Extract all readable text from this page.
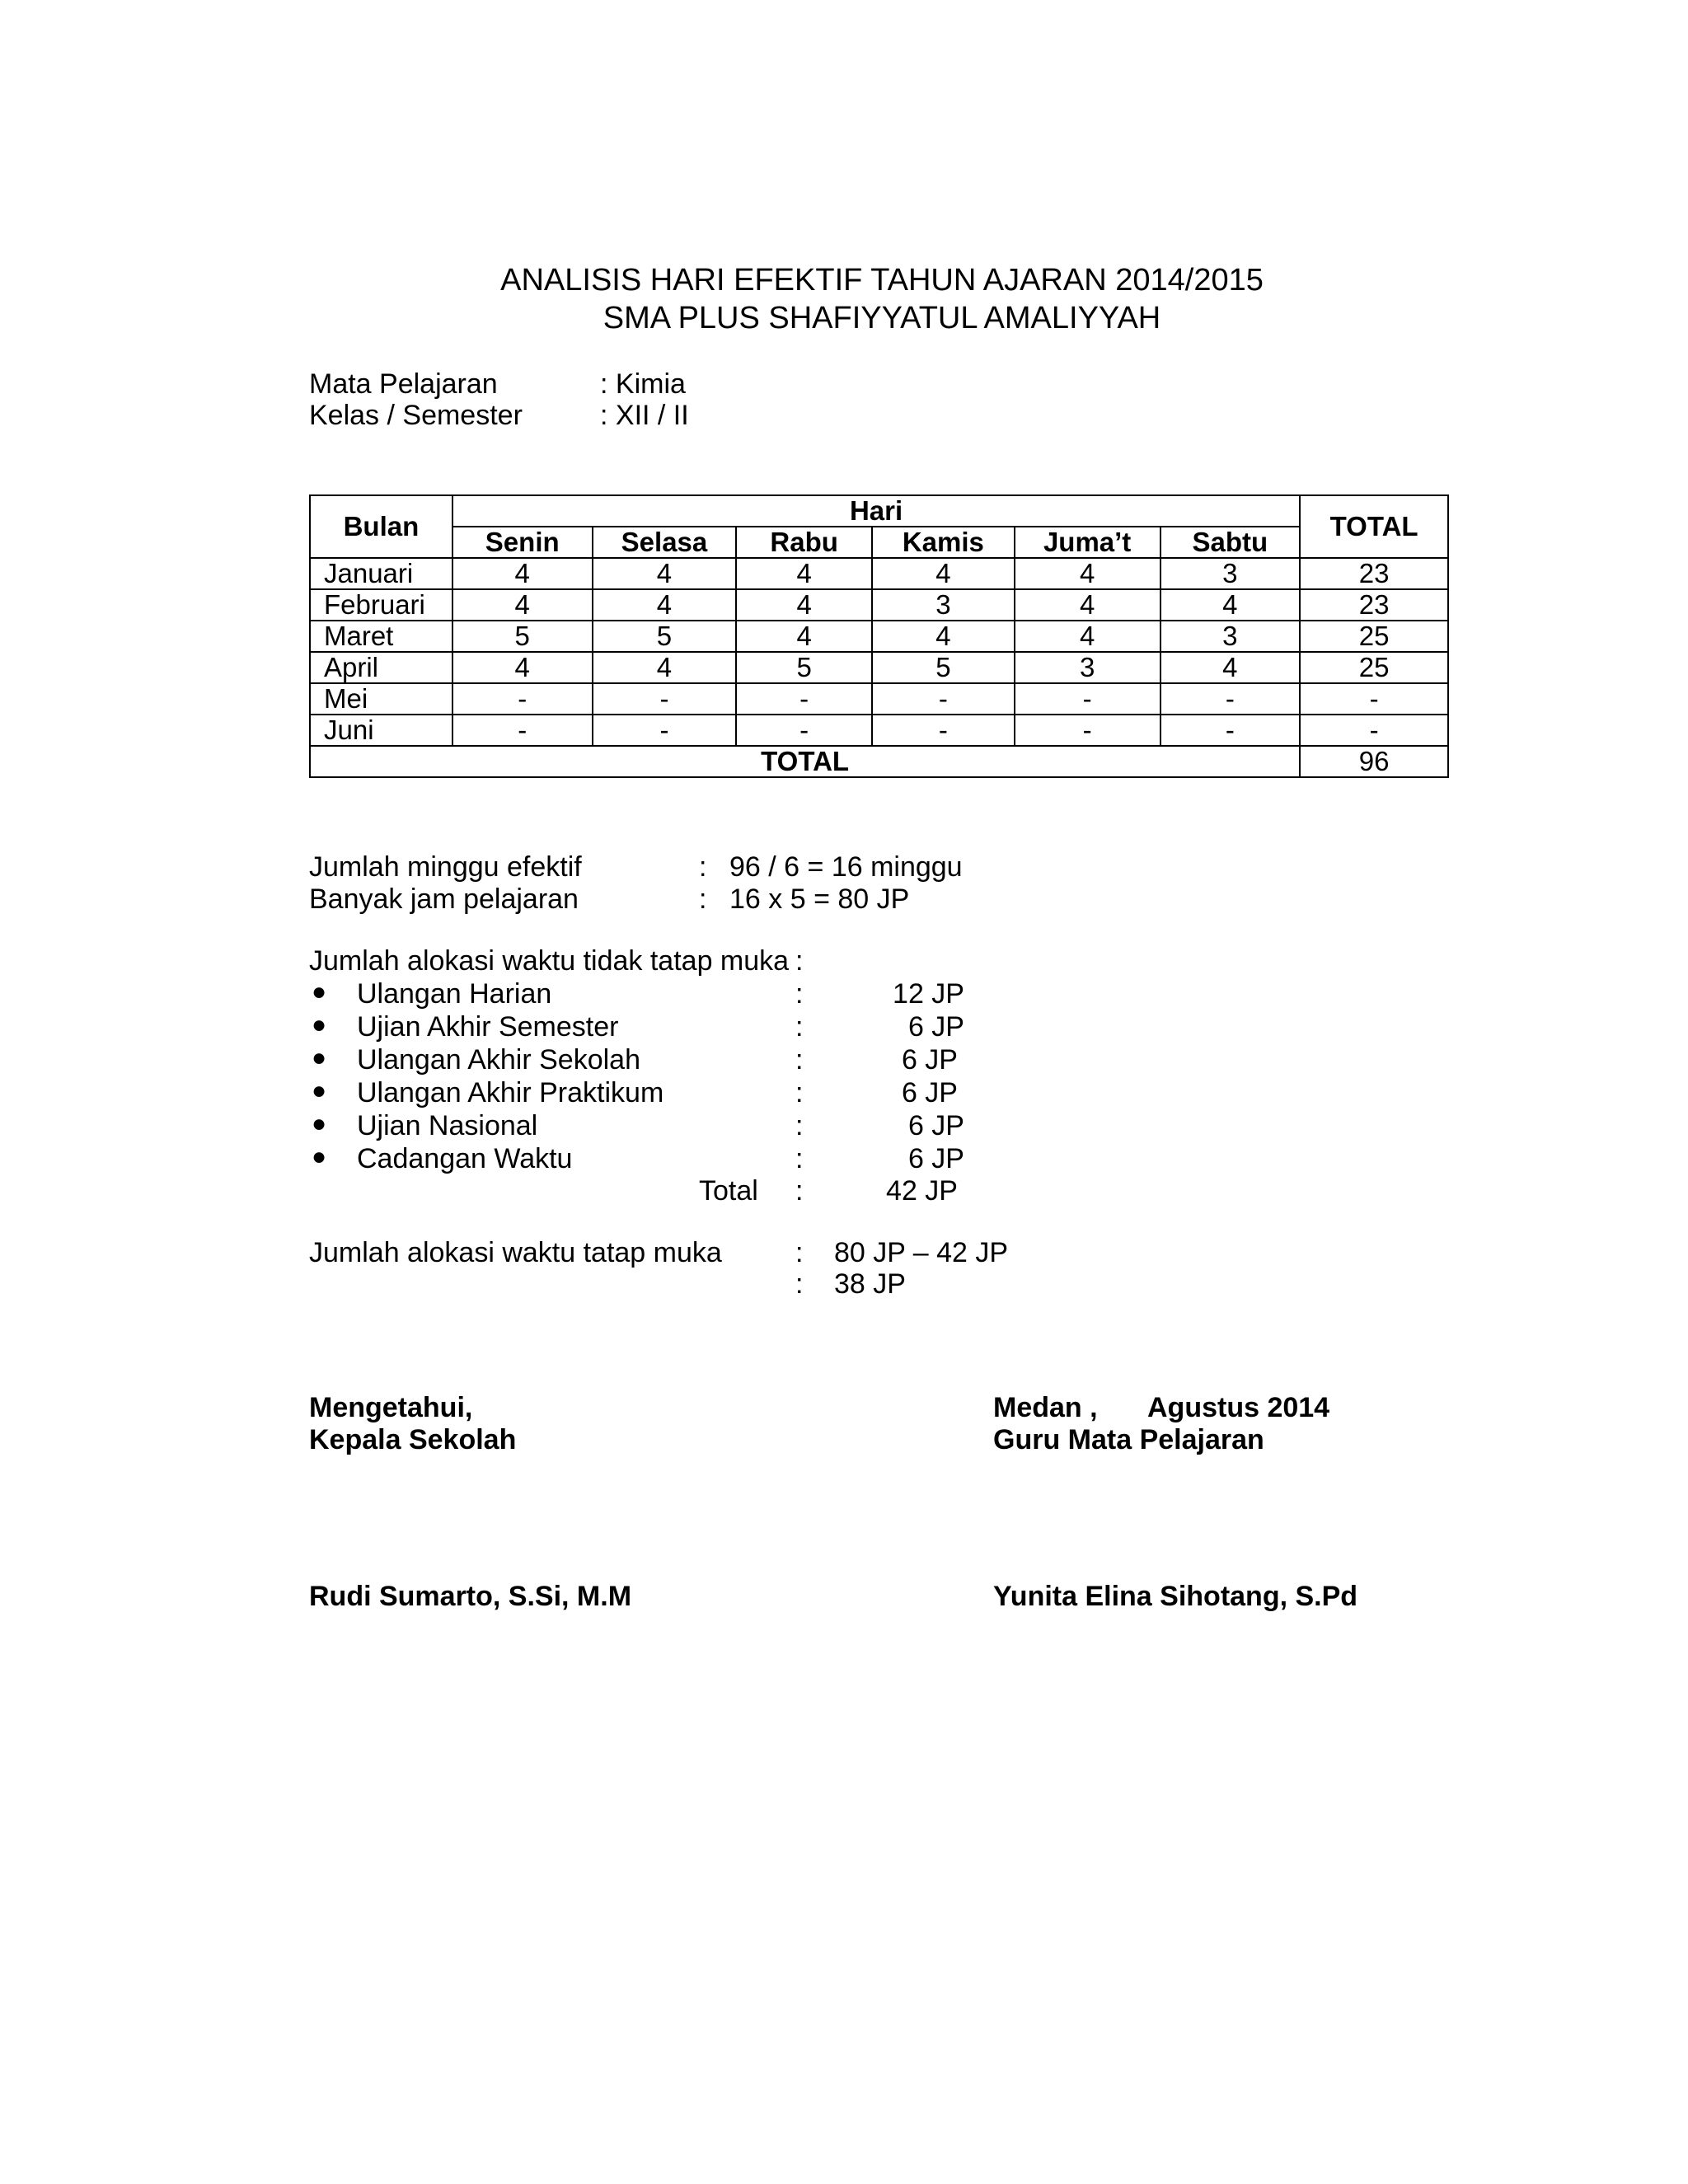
ANALISIS HARI EFEKTIF TAHUN AJARAN 2014/2015
SMA PLUS SHAFIYYATUL AMALIYYAH
Mata Pelajaran	: Kimia
Kelas / Semester	: XII / II
Bulan	Hari						TOTAL
	Senin	Selasa	Rabu	Kamis	Juma’t	Sabtu	
Januari	4	4	4	4	4	3	23
Februari	4	4	4	3	4	4	23
Maret	5	5	4	4	4	3	25
April	4	4	5	5	3	4	25
Mei	-	-	-	-	-	-	-
Juni	-	-	-	-	-	-	-
TOTAL							96
Jumlah minggu efektif	: 96 / 6 = 16 minggu
Banyak jam pelajaran	: 16 x 5 = 80 JP
Jumlah alokasi waktu tidak tatap muka :
● Ulangan Harian	:	12 JP
● Ujian Akhir Semester	:	6 JP
● Ulangan Akhir Sekolah	:	6 JP
● Ulangan Akhir Praktikum	:	6 JP
● Ujian Nasional	:	6 JP
● Cadangan Waktu	:	6 JP
Total :	42 JP
Jumlah alokasi waktu tatap muka	: 80 JP – 42 JP
: 38 JP
Mengetahui,
Kepala Sekolah
Rudi Sumarto, S.Si, M.M
Medan , Agustus 2014
Guru Mata Pelajaran
Yunita Elina Sihotang, S.Pd
